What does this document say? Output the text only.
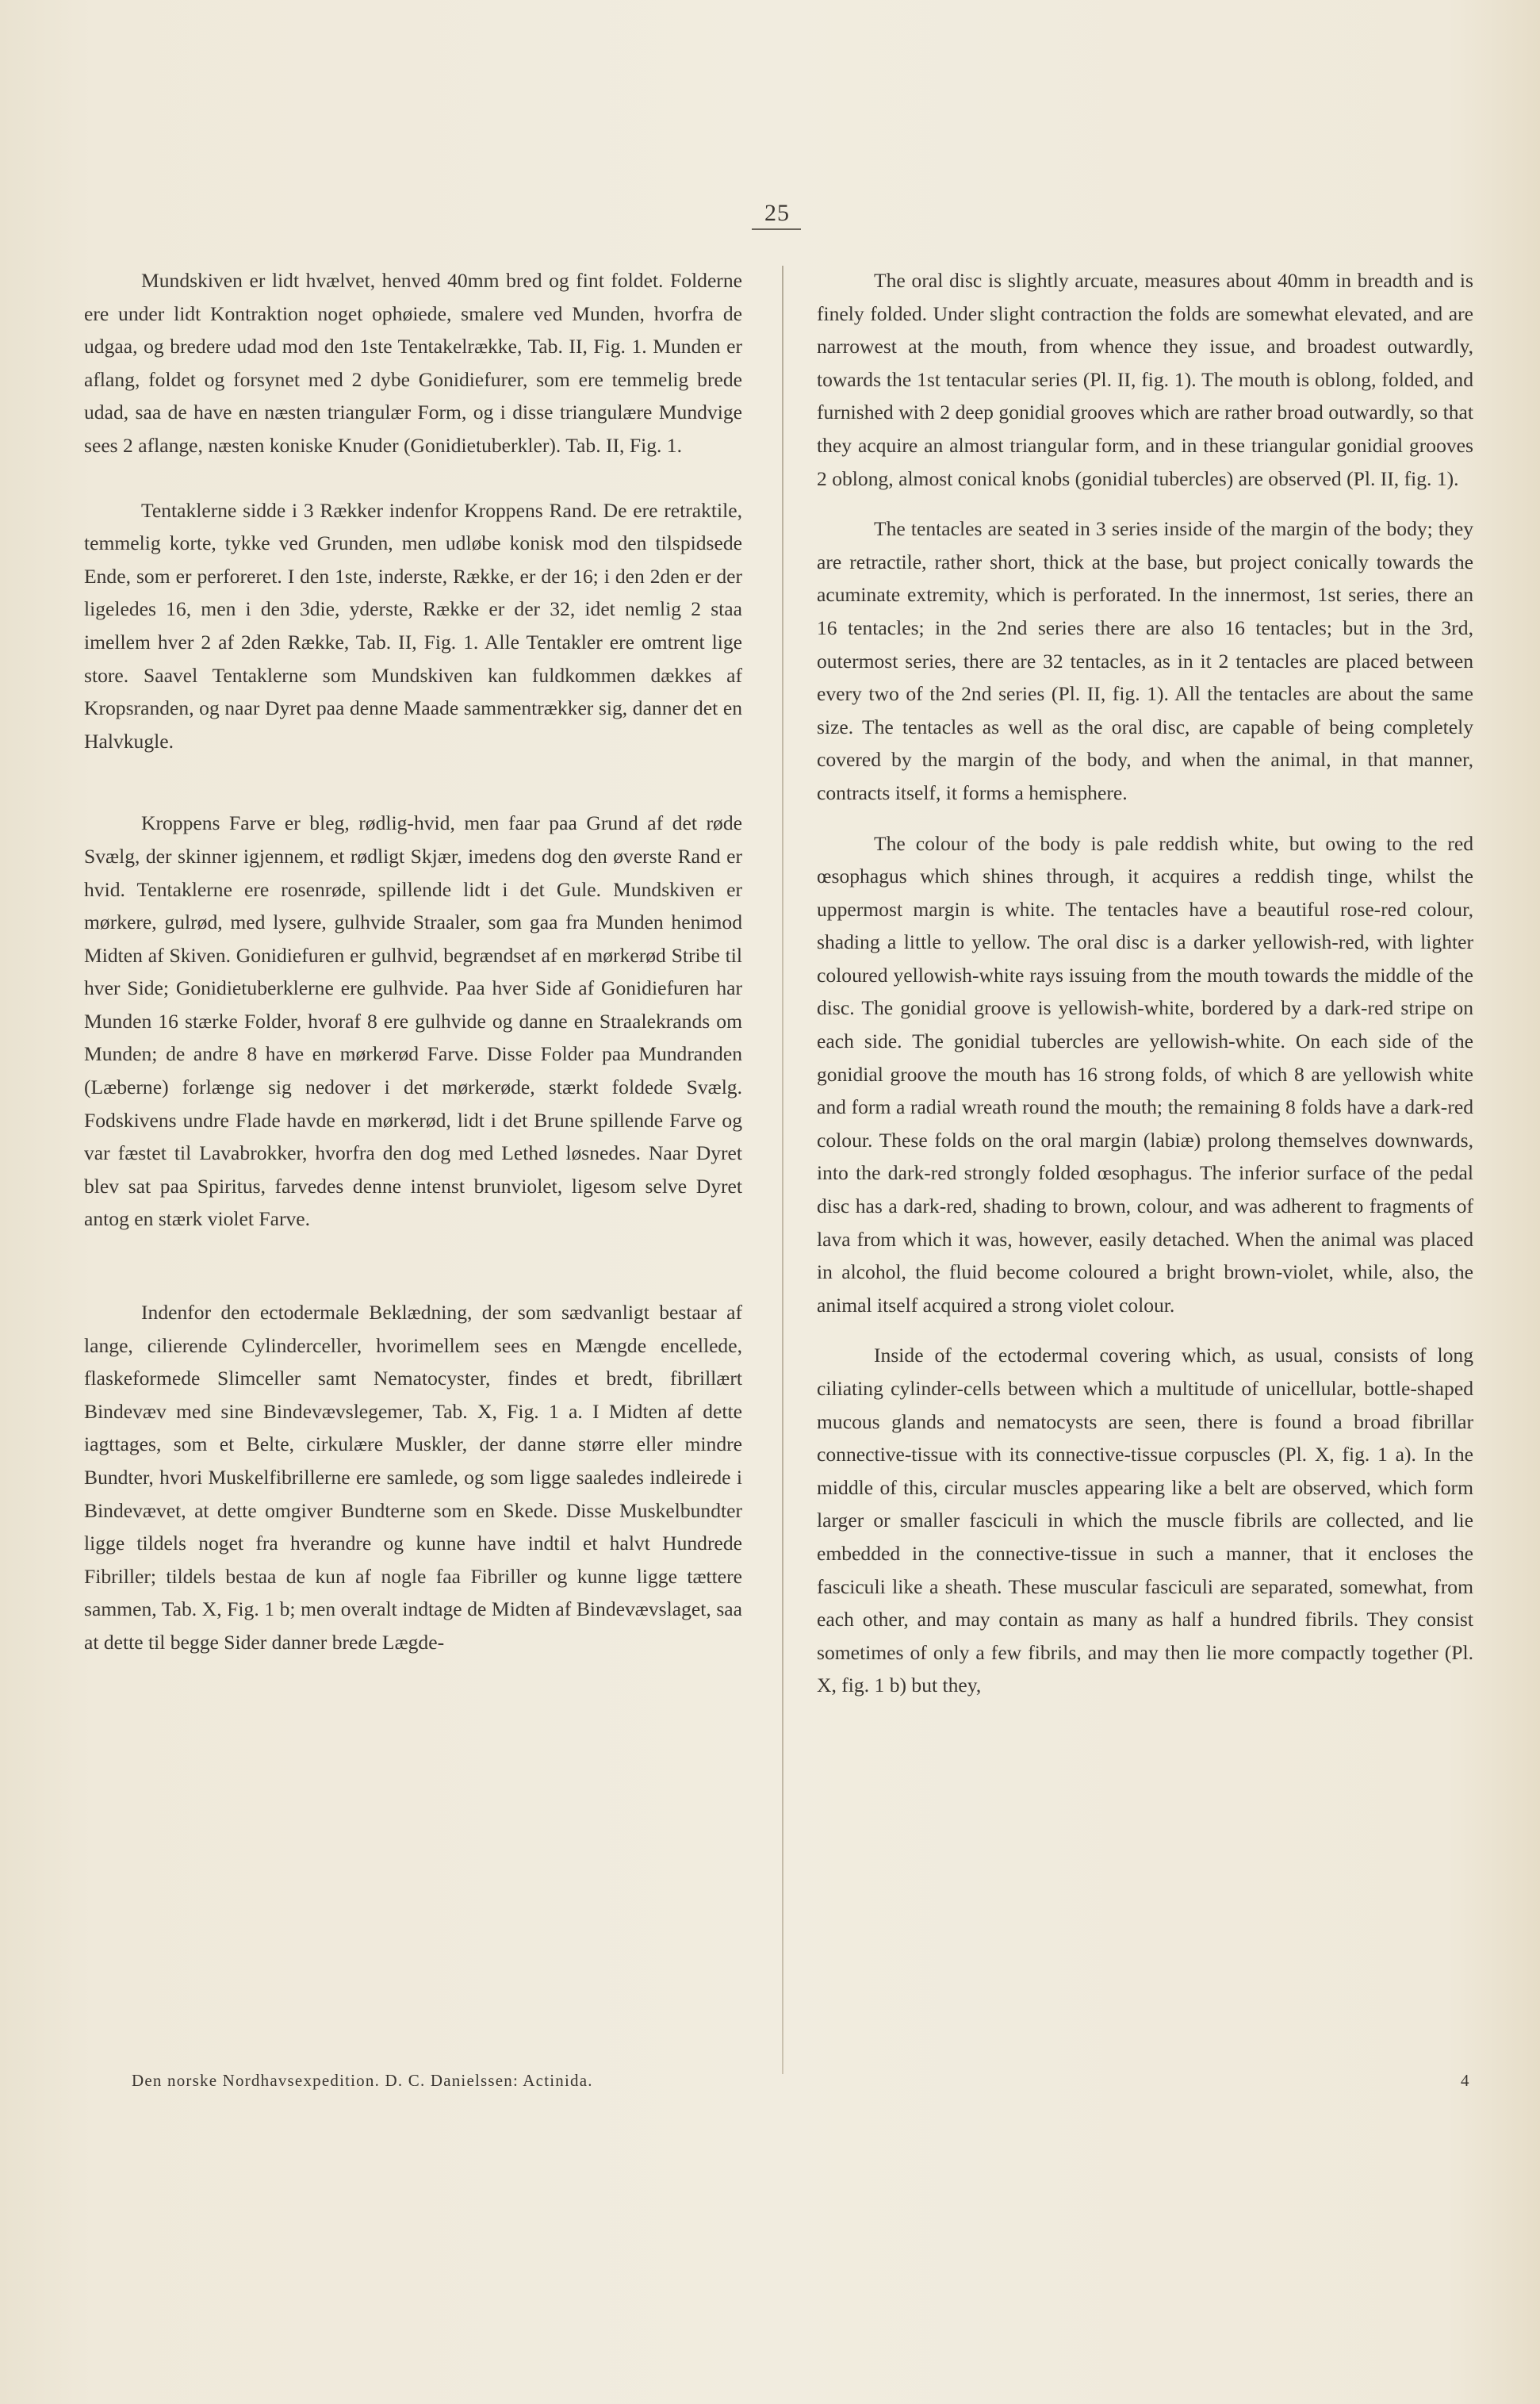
25

Mundskiven er lidt hvælvet, henved 40mm bred og fint foldet. Folderne ere under lidt Kontraktion noget ophøiede, smalere ved Munden, hvorfra de udgaa, og bredere udad mod den 1ste Tentakelrække, Tab. II, Fig. 1. Munden er aflang, foldet og forsynet med 2 dybe Gonidiefurer, som ere temmelig brede udad, saa de have en næsten triangulær Form, og i disse triangulære Mundvige sees 2 aflange, næsten koniske Knuder (Gonidietuberkler). Tab. II, Fig. 1.

Tentaklerne sidde i 3 Rækker indenfor Kroppens Rand. De ere retraktile, temmelig korte, tykke ved Grunden, men udløbe konisk mod den tilspidsede Ende, som er perforeret. I den 1ste, inderste, Række, er der 16; i den 2den er der ligeledes 16, men i den 3die, yderste, Række er der 32, idet nemlig 2 staa imellem hver 2 af 2den Række, Tab. II, Fig. 1. Alle Tentakler ere omtrent lige store. Saavel Tentaklerne som Mundskiven kan fuldkommen dækkes af Kropsranden, og naar Dyret paa denne Maade sammentrækker sig, danner det en Halvkugle.

Kroppens Farve er bleg, rødlig-hvid, men faar paa Grund af det røde Svælg, der skinner igjennem, et rødligt Skjær, imedens dog den øverste Rand er hvid. Tentaklerne ere rosenrøde, spillende lidt i det Gule. Mundskiven er mørkere, gulrød, med lysere, gulhvide Straaler, som gaa fra Munden henimod Midten af Skiven. Gonidiefuren er gulhvid, begrændset af en mørkerød Stribe til hver Side; Gonidietuberklerne ere gulhvide. Paa hver Side af Gonidiefuren har Munden 16 stærke Folder, hvoraf 8 ere gulhvide og danne en Straalekrands om Munden; de andre 8 have en mørkerød Farve. Disse Folder paa Mundranden (Læberne) forlænge sig nedover i det mørkerøde, stærkt foldede Svælg. Fodskivens undre Flade havde en mørkerød, lidt i det Brune spillende Farve og var fæstet til Lavabrokker, hvorfra den dog med Lethed løsnedes. Naar Dyret blev sat paa Spiritus, farvedes denne intenst brunviolet, ligesom selve Dyret antog en stærk violet Farve.

Indenfor den ectodermale Beklædning, der som sædvanligt bestaar af lange, cilierende Cylinderceller, hvorimellem sees en Mængde encellede, flaskeformede Slimceller samt Nematocyster, findes et bredt, fibrillært Bindevæv med sine Bindevævslegemer, Tab. X, Fig. 1 a. I Midten af dette iagttages, som et Belte, cirkulære Muskler, der danne større eller mindre Bundter, hvori Muskelfibrillerne ere samlede, og som ligge saaledes indleirede i Bindevævet, at dette omgiver Bundterne som en Skede. Disse Muskelbundter ligge tildels noget fra hverandre og kunne have indtil et halvt Hundrede Fibriller; tildels bestaa de kun af nogle faa Fibriller og kunne ligge tættere sammen, Tab. X, Fig. 1 b; men overalt indtage de Midten af Bindevævslaget, saa at dette til begge Sider danner brede Lægde-

The oral disc is slightly arcuate, measures about 40mm in breadth and is finely folded. Under slight contraction the folds are somewhat elevated, and are narrowest at the mouth, from whence they issue, and broadest outwardly, towards the 1st tentacular series (Pl. II, fig. 1). The mouth is oblong, folded, and furnished with 2 deep gonidial grooves which are rather broad outwardly, so that they acquire an almost triangular form, and in these triangular gonidial grooves 2 oblong, almost conical knobs (gonidial tubercles) are observed (Pl. II, fig. 1).

The tentacles are seated in 3 series inside of the margin of the body; they are retractile, rather short, thick at the base, but project conically towards the acuminate extremity, which is perforated. In the innermost, 1st series, there an 16 tentacles; in the 2nd series there are also 16 tentacles; but in the 3rd, outermost series, there are 32 tentacles, as in it 2 tentacles are placed between every two of the 2nd series (Pl. II, fig. 1). All the tentacles are about the same size. The tentacles as well as the oral disc, are capable of being completely covered by the margin of the body, and when the animal, in that manner, contracts itself, it forms a hemisphere.

The colour of the body is pale reddish white, but owing to the red œsophagus which shines through, it acquires a reddish tinge, whilst the uppermost margin is white. The tentacles have a beautiful rose-red colour, shading a little to yellow. The oral disc is a darker yellowish-red, with lighter coloured yellowish-white rays issuing from the mouth towards the middle of the disc. The gonidial groove is yellowish-white, bordered by a dark-red stripe on each side. The gonidial tubercles are yellowish-white. On each side of the gonidial groove the mouth has 16 strong folds, of which 8 are yellowish white and form a radial wreath round the mouth; the remaining 8 folds have a dark-red colour. These folds on the oral margin (labiæ) prolong themselves downwards, into the dark-red strongly folded œsophagus. The inferior surface of the pedal disc has a dark-red, shading to brown, colour, and was adherent to fragments of lava from which it was, however, easily detached. When the animal was placed in alcohol, the fluid become coloured a bright brown-violet, while, also, the animal itself acquired a strong violet colour.

Inside of the ectodermal covering which, as usual, consists of long ciliating cylinder-cells between which a multitude of unicellular, bottle-shaped mucous glands and nematocysts are seen, there is found a broad fibrillar connective-tissue with its connective-tissue corpuscles (Pl. X, fig. 1 a). In the middle of this, circular muscles appearing like a belt are observed, which form larger or smaller fasciculi in which the muscle fibrils are collected, and lie embedded in the connective-tissue in such a manner, that it encloses the fasciculi like a sheath. These muscular fasciculi are separated, somewhat, from each other, and may contain as many as half a hundred fibrils. They consist sometimes of only a few fibrils, and may then lie more compactly together (Pl. X, fig. 1 b) but they,

Den norske Nordhavsexpedition. D. C. Danielssen: Actinida.	4
